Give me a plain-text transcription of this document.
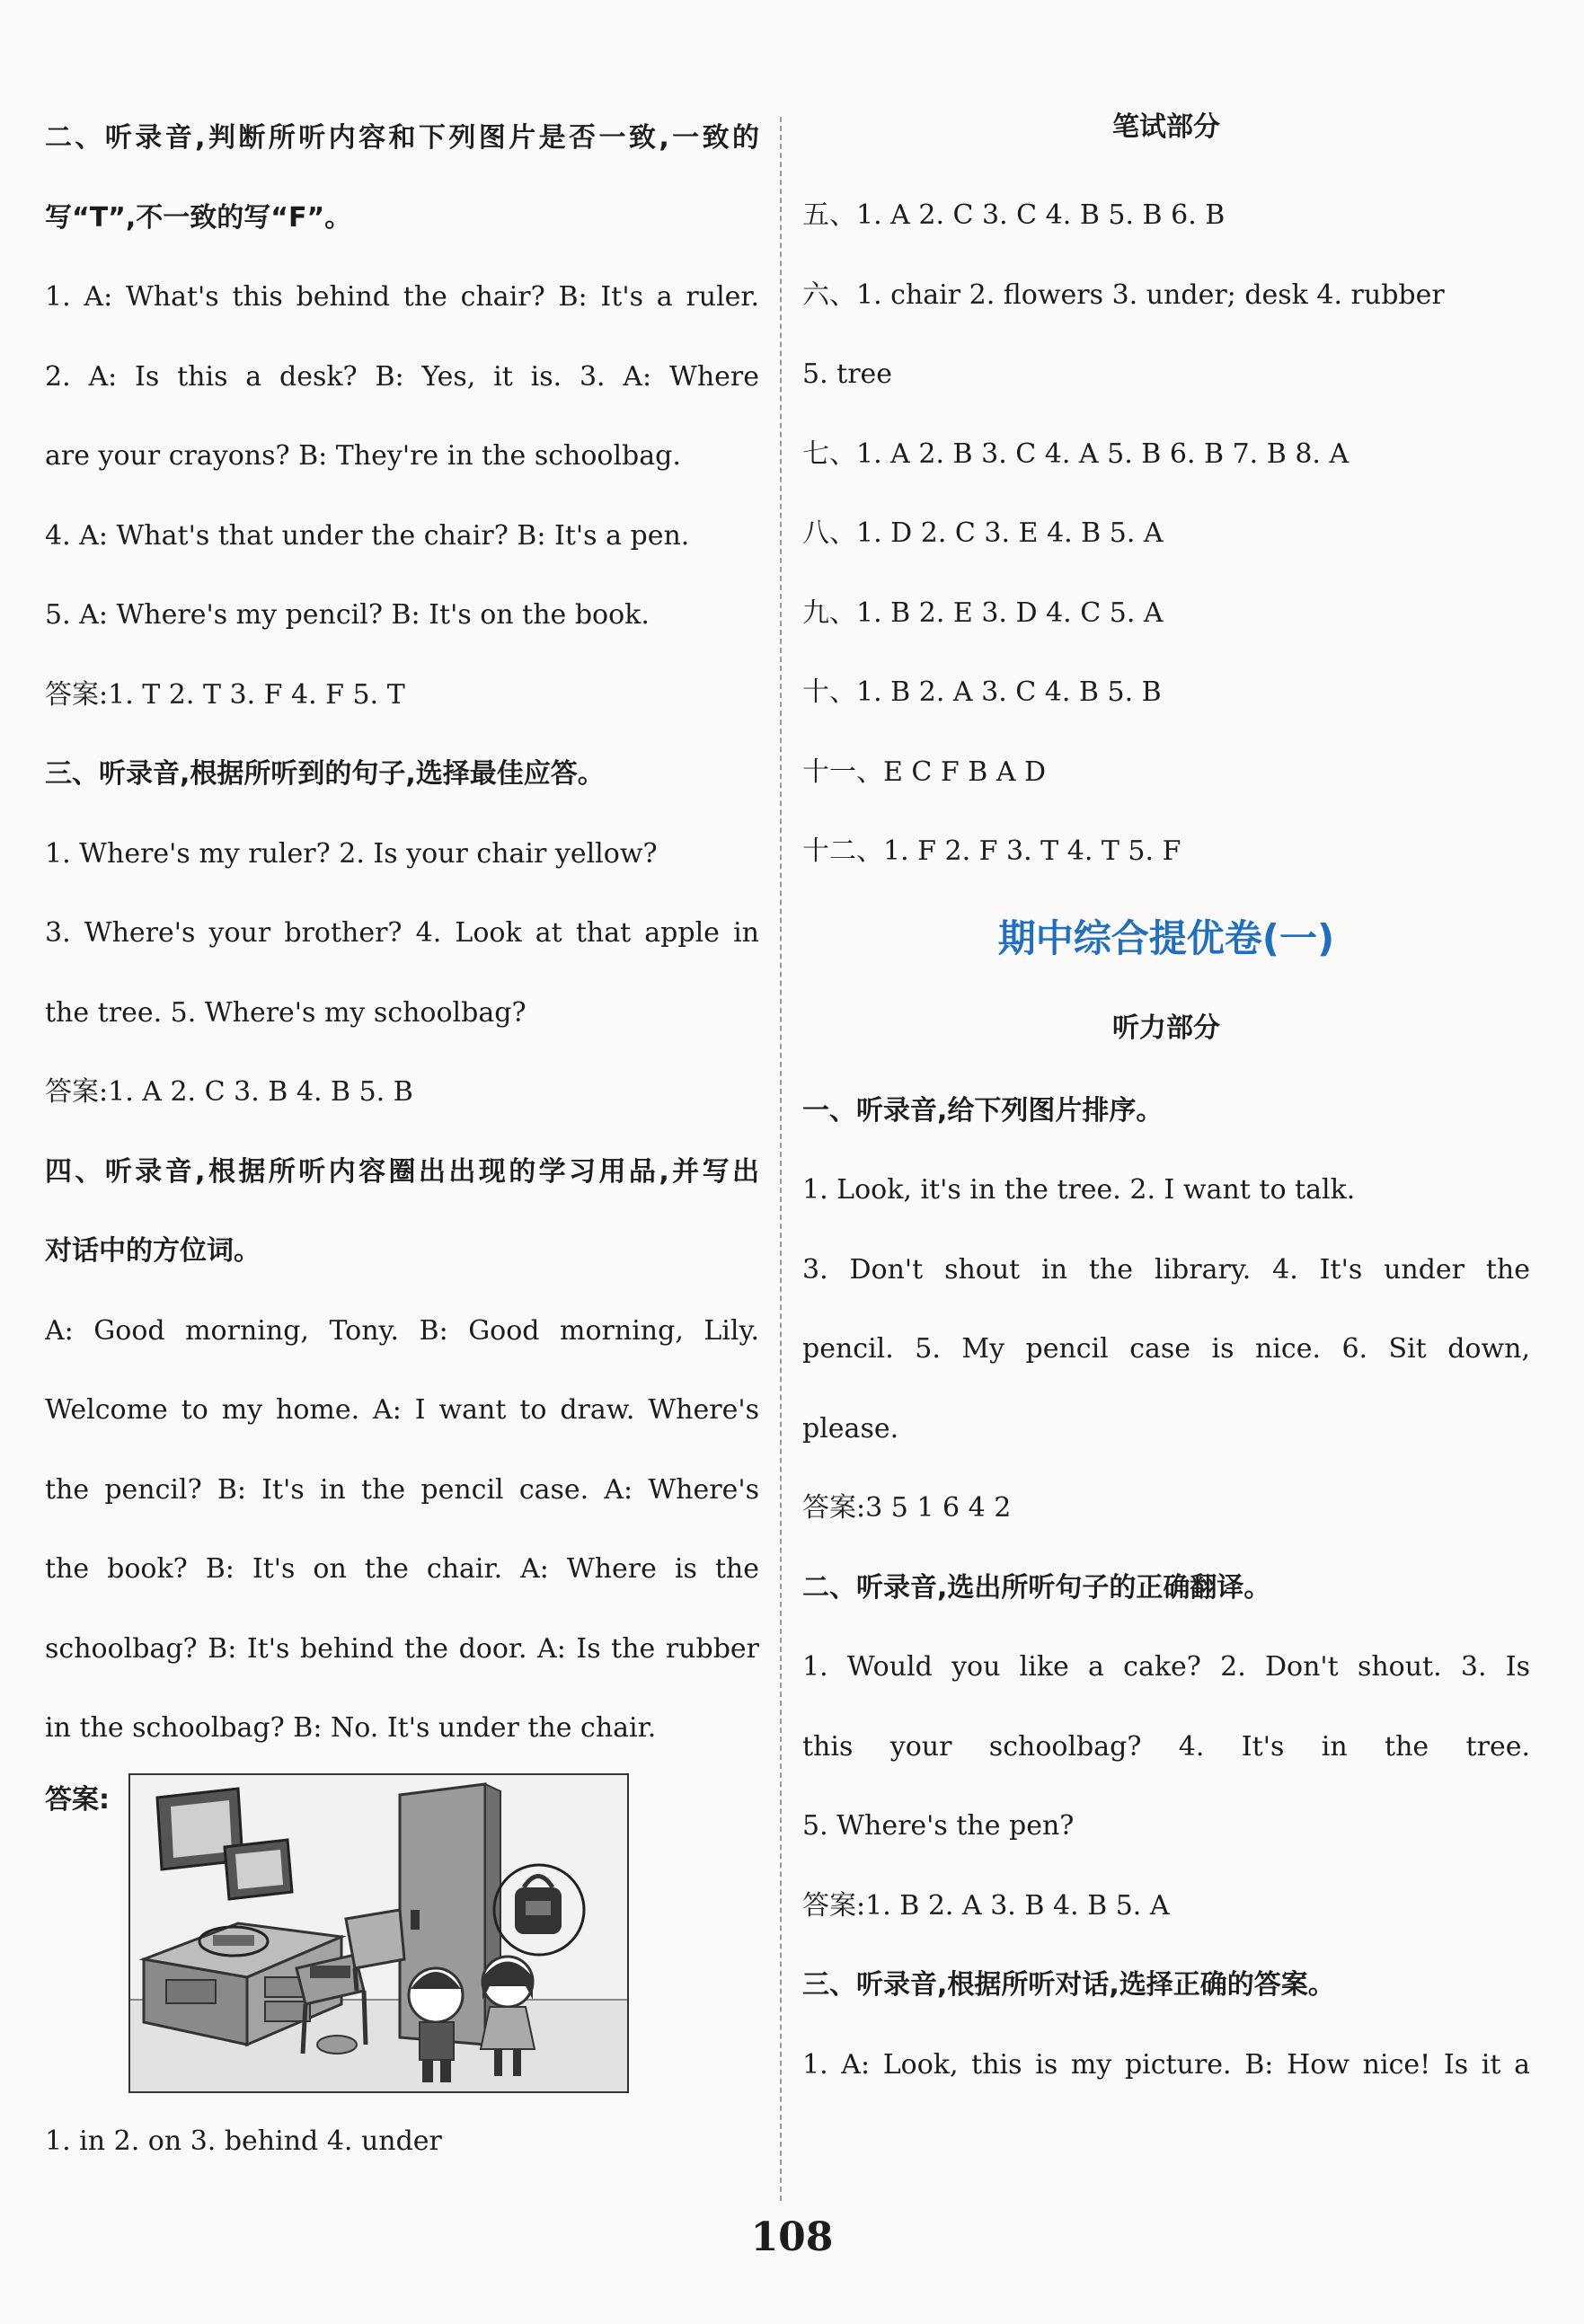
二、听录音,判断所听内容和下列图片是否一致,一致的
写“T”,不一致的写“F”。
1. A: What's this behind the chair? B: It's a ruler.
2. A: Is this a desk? B: Yes, it is. 3. A: Where
are your crayons? B: They're in the schoolbag.
4. A: What's that under the chair? B: It's a pen.
5. A: Where's my pencil? B: It's on the book.
答案:1. T 2. T 3. F 4. F 5. T
三、听录音,根据所听到的句子,选择最佳应答。
1. Where's my ruler? 2. Is your chair yellow?
3. Where's your brother? 4. Look at that apple in
the tree. 5. Where's my schoolbag?
答案:1. A 2. C 3. B 4. B 5. B
四、听录音,根据所听内容圈出出现的学习用品,并写出
对话中的方位词。
A: Good morning, Tony. B: Good morning, Lily.
Welcome to my home. A: I want to draw. Where's
the pencil? B: It's in the pencil case. A: Where's
the book? B: It's on the chair. A: Where is the
schoolbag? B: It's behind the door. A: Is the rubber
in the schoolbag? B: No. It's under the chair.
答案:
1. in 2. on 3. behind 4. under
笔试部分
五、1. A 2. C 3. C 4. B 5. B 6. B
六、1. chair 2. flowers 3. under; desk 4. rubber
5. tree
七、1. A 2. B 3. C 4. A 5. B 6. B 7. B 8. A
八、1. D 2. C 3. E 4. B 5. A
九、1. B 2. E 3. D 4. C 5. A
十、1. B 2. A 3. C 4. B 5. B
十一、E C F B A D
十二、1. F 2. F 3. T 4. T 5. F
期中综合提优卷(一)
听力部分
一、听录音,给下列图片排序。
1. Look, it's in the tree. 2. I want to talk.
3. Don't shout in the library. 4. It's under the
pencil. 5. My pencil case is nice. 6. Sit down,
please.
答案:3 5 1 6 4 2
二、听录音,选出所听句子的正确翻译。
1. Would you like a cake? 2. Don't shout. 3. Is
this your schoolbag? 4. It's in the tree.
5. Where's the pen?
答案:1. B 2. A 3. B 4. B 5. A
三、听录音,根据所听对话,选择正确的答案。
1. A: Look, this is my picture. B: How nice! Is it a
108
